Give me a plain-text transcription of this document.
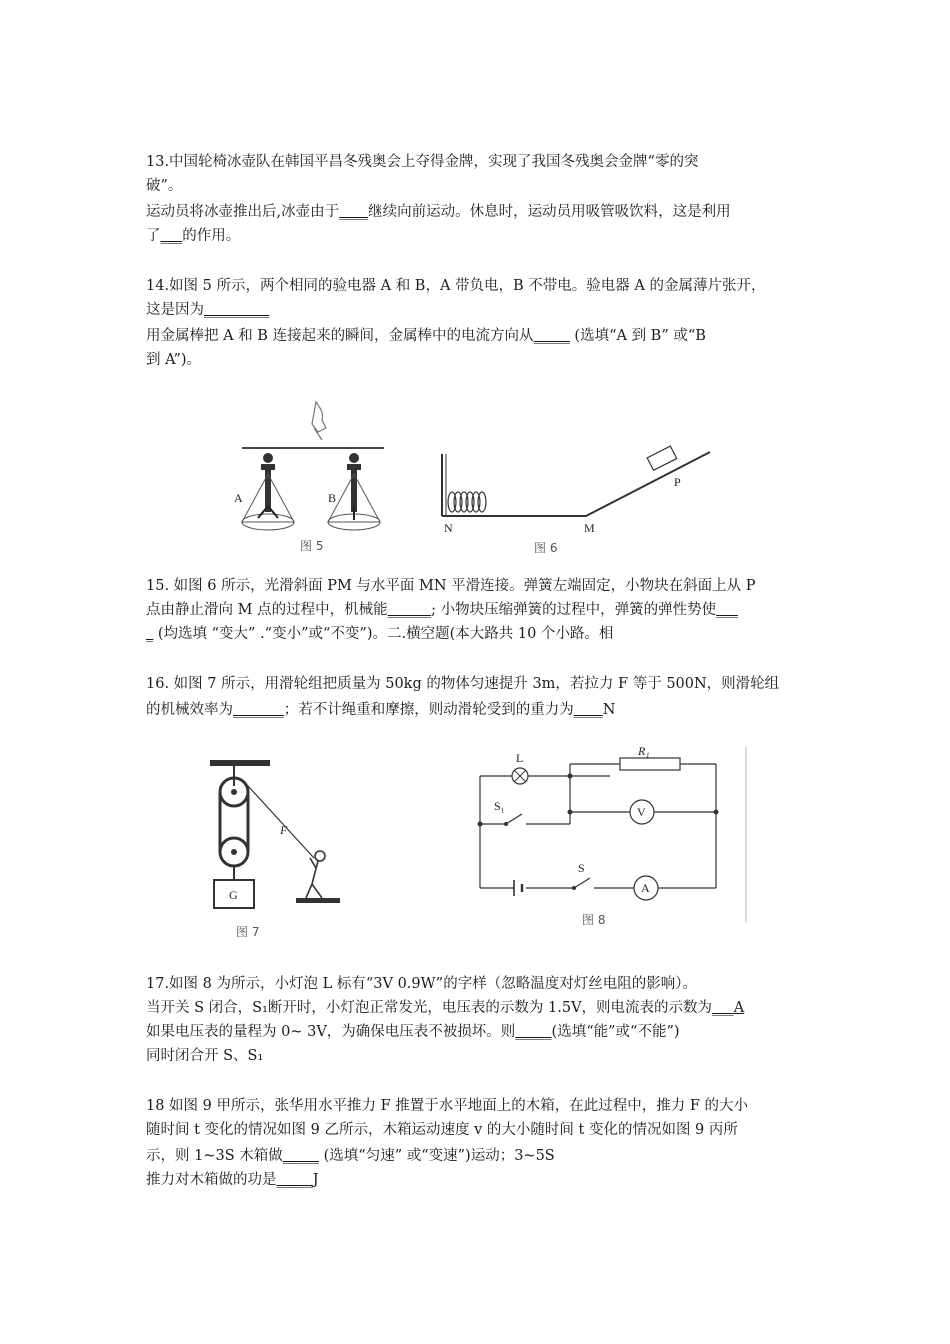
13.中国轮椅冰壶队在韩国平昌冬残奥会上夺得金牌，实现了我国冬残奥会金牌“零的突
破”。
运动员将冰壶推出后,冰壶由于____继续向前运动。休息时，运动员用吸管吸饮料，这是利用
了___的作用。
14.如图 5 所示，两个相同的验电器 A 和 B，A 带负电，B 不带电。验电器 A 的金属薄片张开，
这是因为_________
用金属棒把 A 和 B 连接起来的瞬间，金属棒中的电流方向从_____ (选填“A 到 B” 或“B
到 A”)。
A	B
图 5
N	M
P
图 6
15. 如图 6 所示，光滑斜面 PM 与水平面 MN 平滑连接。弹簧左端固定，小物块在斜面上从 P
点由静止滑向 M 点的过程中，机械能______; 小物块压缩弹簧的过程中，弹簧的弹性势使___
_ (均选填 “变大” .“变小”或“不变”)。二.横空题(本大路共 10 个小路。相
16. 如图 7 所示，用滑轮组把质量为 50kg 的物体匀速提升 3m，若拉力 F 等于 500N，则滑轮组
的机械效率为_______；若不计绳重和摩擦，则动滑轮受到的重力为____N
G
F
图 7
L	R₁
S₁
S
V
A
图 8
17.如图 8 为所示，小灯泡 L 标有“3V 0.9W”的字样（忽略温度对灯丝电阻的影响）。
当开关 S 闭合，S₁断开时，小灯泡正常发光，电压表的示数为 1.5V，则电流表的示数为___A
如果电压表的量程为 0~ 3V，为确保电压表不被损坏。则_____(选填“能”或“不能”)
同时闭合开 S、S₁
18 如图 9 甲所示，张华用水平推力 F 推置于水平地面上的木箱，在此过程中，推力 F 的大小
随时间 t 变化的情况如图 9 乙所示，木箱运动速度 v 的大小随时间 t 变化的情况如图 9 丙所
示，则 1~3S 木箱做_____ (选填“匀速” 或“变速”)运动；3~5S
推力对木箱做的功是_____J
